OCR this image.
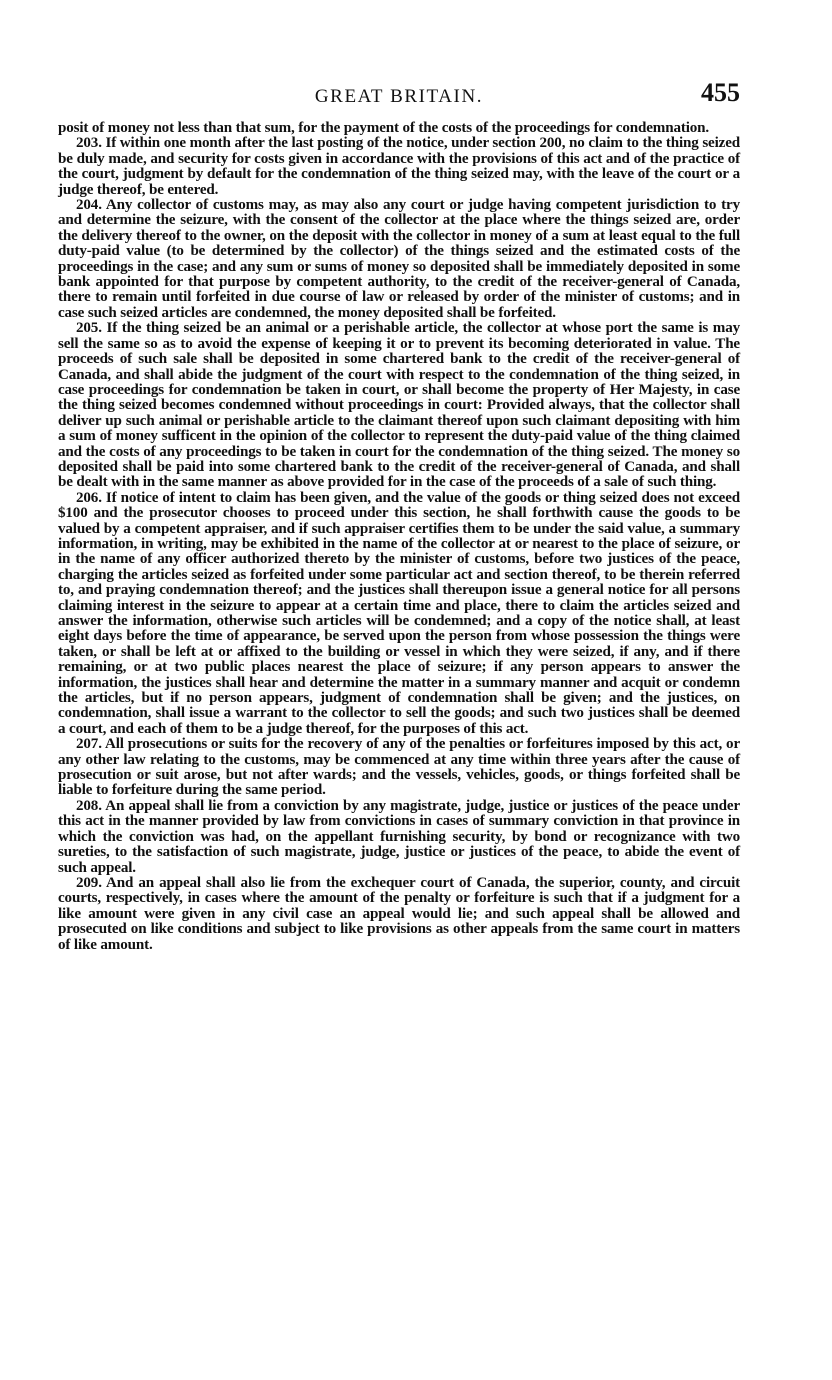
GREAT BRITAIN.	455

posit of money not less than that sum, for the payment of the costs of the proceedings for condemnation.

203. If within one month after the last posting of the notice, under section 200, no claim to the thing seized be duly made, and security for costs given in accordance with the provisions of this act and of the practice of the court, judgment by default for the condemnation of the thing seized may, with the leave of the court or a judge thereof, be entered.

204. Any collector of customs may, as may also any court or judge having competent jurisdiction to try and determine the seizure, with the consent of the collector at the place where the things seized are, order the delivery thereof to the owner, on the deposit with the collector in money of a sum at least equal to the full duty-paid value (to be determined by the collector) of the things seized and the estimated costs of the proceedings in the case; and any sum or sums of money so deposited shall be immediately deposited in some bank appointed for that purpose by competent authority, to the credit of the receiver-general of Canada, there to remain until forfeited in due course of law or released by order of the minister of customs; and in case such seized articles are condemned, the money deposited shall be forfeited.

205. If the thing seized be an animal or a perishable article, the collector at whose port the same is may sell the same so as to avoid the expense of keeping it or to prevent its becoming deteriorated in value. The proceeds of such sale shall be deposited in some chartered bank to the credit of the receiver-general of Canada, and shall abide the judgment of the court with respect to the condemnation of the thing seized, in case proceedings for condemnation be taken in court, or shall become the property of Her Majesty, in case the thing seized becomes condemned without proceedings in court: Provided always, that the collector shall deliver up such animal or perishable article to the claimant thereof upon such claimant depositing with him a sum of money sufficent in the opinion of the collector to represent the duty-paid value of the thing claimed and the costs of any proceedings to be taken in court for the condemnation of the thing seized. The money so deposited shall be paid into some chartered bank to the credit of the receiver-general of Canada, and shall be dealt with in the same manner as above provided for in the case of the proceeds of a sale of such thing.

206. If notice of intent to claim has been given, and the value of the goods or thing seized does not exceed $100 and the prosecutor chooses to proceed under this section, he shall forthwith cause the goods to be valued by a competent appraiser, and if such appraiser certifies them to be under the said value, a summary information, in writing, may be exhibited in the name of the collector at or nearest to the place of seizure, or in the name of any officer authorized thereto by the minister of customs, before two justices of the peace, charging the articles seized as forfeited under some particular act and section thereof, to be therein referred to, and praying condemnation thereof; and the justices shall thereupon issue a general notice for all persons claiming interest in the seizure to appear at a certain time and place, there to claim the articles seized and answer the information, otherwise such articles will be condemned; and a copy of the notice shall, at least eight days before the time of appearance, be served upon the person from whose possession the things were taken, or shall be left at or affixed to the building or vessel in which they were seized, if any, and if there remaining, or at two public places nearest the place of seizure; if any person appears to answer the information, the justices shall hear and determine the matter in a summary manner and acquit or condemn the articles, but if no person appears, judgment of condemnation shall be given; and the justices, on condemnation, shall issue a warrant to the collector to sell the goods; and such two justices shall be deemed a court, and each of them to be a judge thereof, for the purposes of this act.

207. All prosecutions or suits for the recovery of any of the penalties or forfeitures imposed by this act, or any other law relating to the customs, may be commenced at any time within three years after the cause of prosecution or suit arose, but not after wards; and the vessels, vehicles, goods, or things forfeited shall be liable to forfeiture during the same period.

208. An appeal shall lie from a conviction by any magistrate, judge, justice or justices of the peace under this act in the manner provided by law from convictions in cases of summary conviction in that province in which the conviction was had, on the appellant furnishing security, by bond or recognizance with two sureties, to the satisfaction of such magistrate, judge, justice or justices of the peace, to abide the event of such appeal.

209. And an appeal shall also lie from the exchequer court of Canada, the superior, county, and circuit courts, respectively, in cases where the amount of the penalty or forfeiture is such that if a judgment for a like amount were given in any civil case an appeal would lie; and such appeal shall be allowed and prosecuted on like conditions and subject to like provisions as other appeals from the same court in matters of like amount.
